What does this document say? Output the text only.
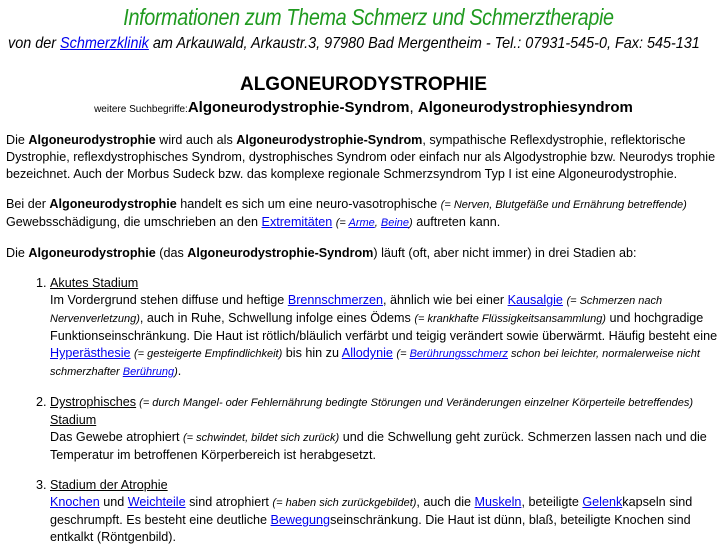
Informationen zum Thema Schmerz und Schmerztherapie
von der Schmerzklinik am Arkauwald, Arkaustr.3, 97980 Bad Mergentheim - Tel.: 07931-545-0, Fax: 545-131
ALGONEURODYSTROPHIE
weitere Suchbegriffe:Algoneurodystrophie-Syndrom, Algoneurodystrophiesyndrom

Die Algoneurodystrophie wird auch als Algoneurodystrophie-Syndrom, sympathische Reflexdystrophie, reflektorische Dystrophie, reflexdystrophisches Syndrom, dystrophisches Syndrom oder einfach nur als Algodystrophie bzw. Neurodys trophie bezeichnet. Auch der Morbus Sudeck bzw. das komplexe regionale Schmerzsyndrom Typ I ist eine Algoneurodystrophie.

Bei der Algoneurodystrophie handelt es sich um eine neuro-vasotrophische (= Nerven, Blutgefäße und Ernährung betreffende) Gewebsschädigung, die umschrieben an den Extremitäten (= Arme, Beine) auftreten kann.

Die Algoneurodystrophie (das Algoneurodystrophie-Syndrom) läuft (oft, aber nicht immer) in drei Stadien ab:

1. Akutes Stadium
Im Vordergrund stehen diffuse und heftige Brennschmerzen, ähnlich wie bei einer Kausalgie (= Schmerzen nach Nervenverletzung), auch in Ruhe, Schwellung infolge eines Ödems (= krankhafte Flüssigkeitsansammlung) und hochgradige Funktionseinschränkung. Die Haut ist rötlich/bläulich verfärbt und teigig verändert sowie überwärmt. Häufig besteht eine Hyperästhesie (= gesteigerte Empfindlichkeit) bis hin zu Allodynie (= Berührungsschmerz schon bei leichter, normalerweise nicht schmerzhafter Berührung).
2. Dystrophisches (= durch Mangel- oder Fehlernährung bedingte Störungen und Veränderungen einzelner Körperteile betreffendes)
Stadium
Das Gewebe atrophiert (= schwindet, bildet sich zurück) und die Schwellung geht zurück. Schmerzen lassen nach und die Temperatur im betroffenen Körperbereich ist herabgesetzt.
3. Stadium der Atrophie
Knochen und Weichteile sind atrophiert (= haben sich zurückgebildet), auch die Muskeln, beteiligte Gelenkkapseln sind geschrumpft. Es besteht eine deutliche Bewegungseinschränkung. Die Haut ist dünn, blaß, beteiligte Knochen sind entkalkt (Röntgenbild).
